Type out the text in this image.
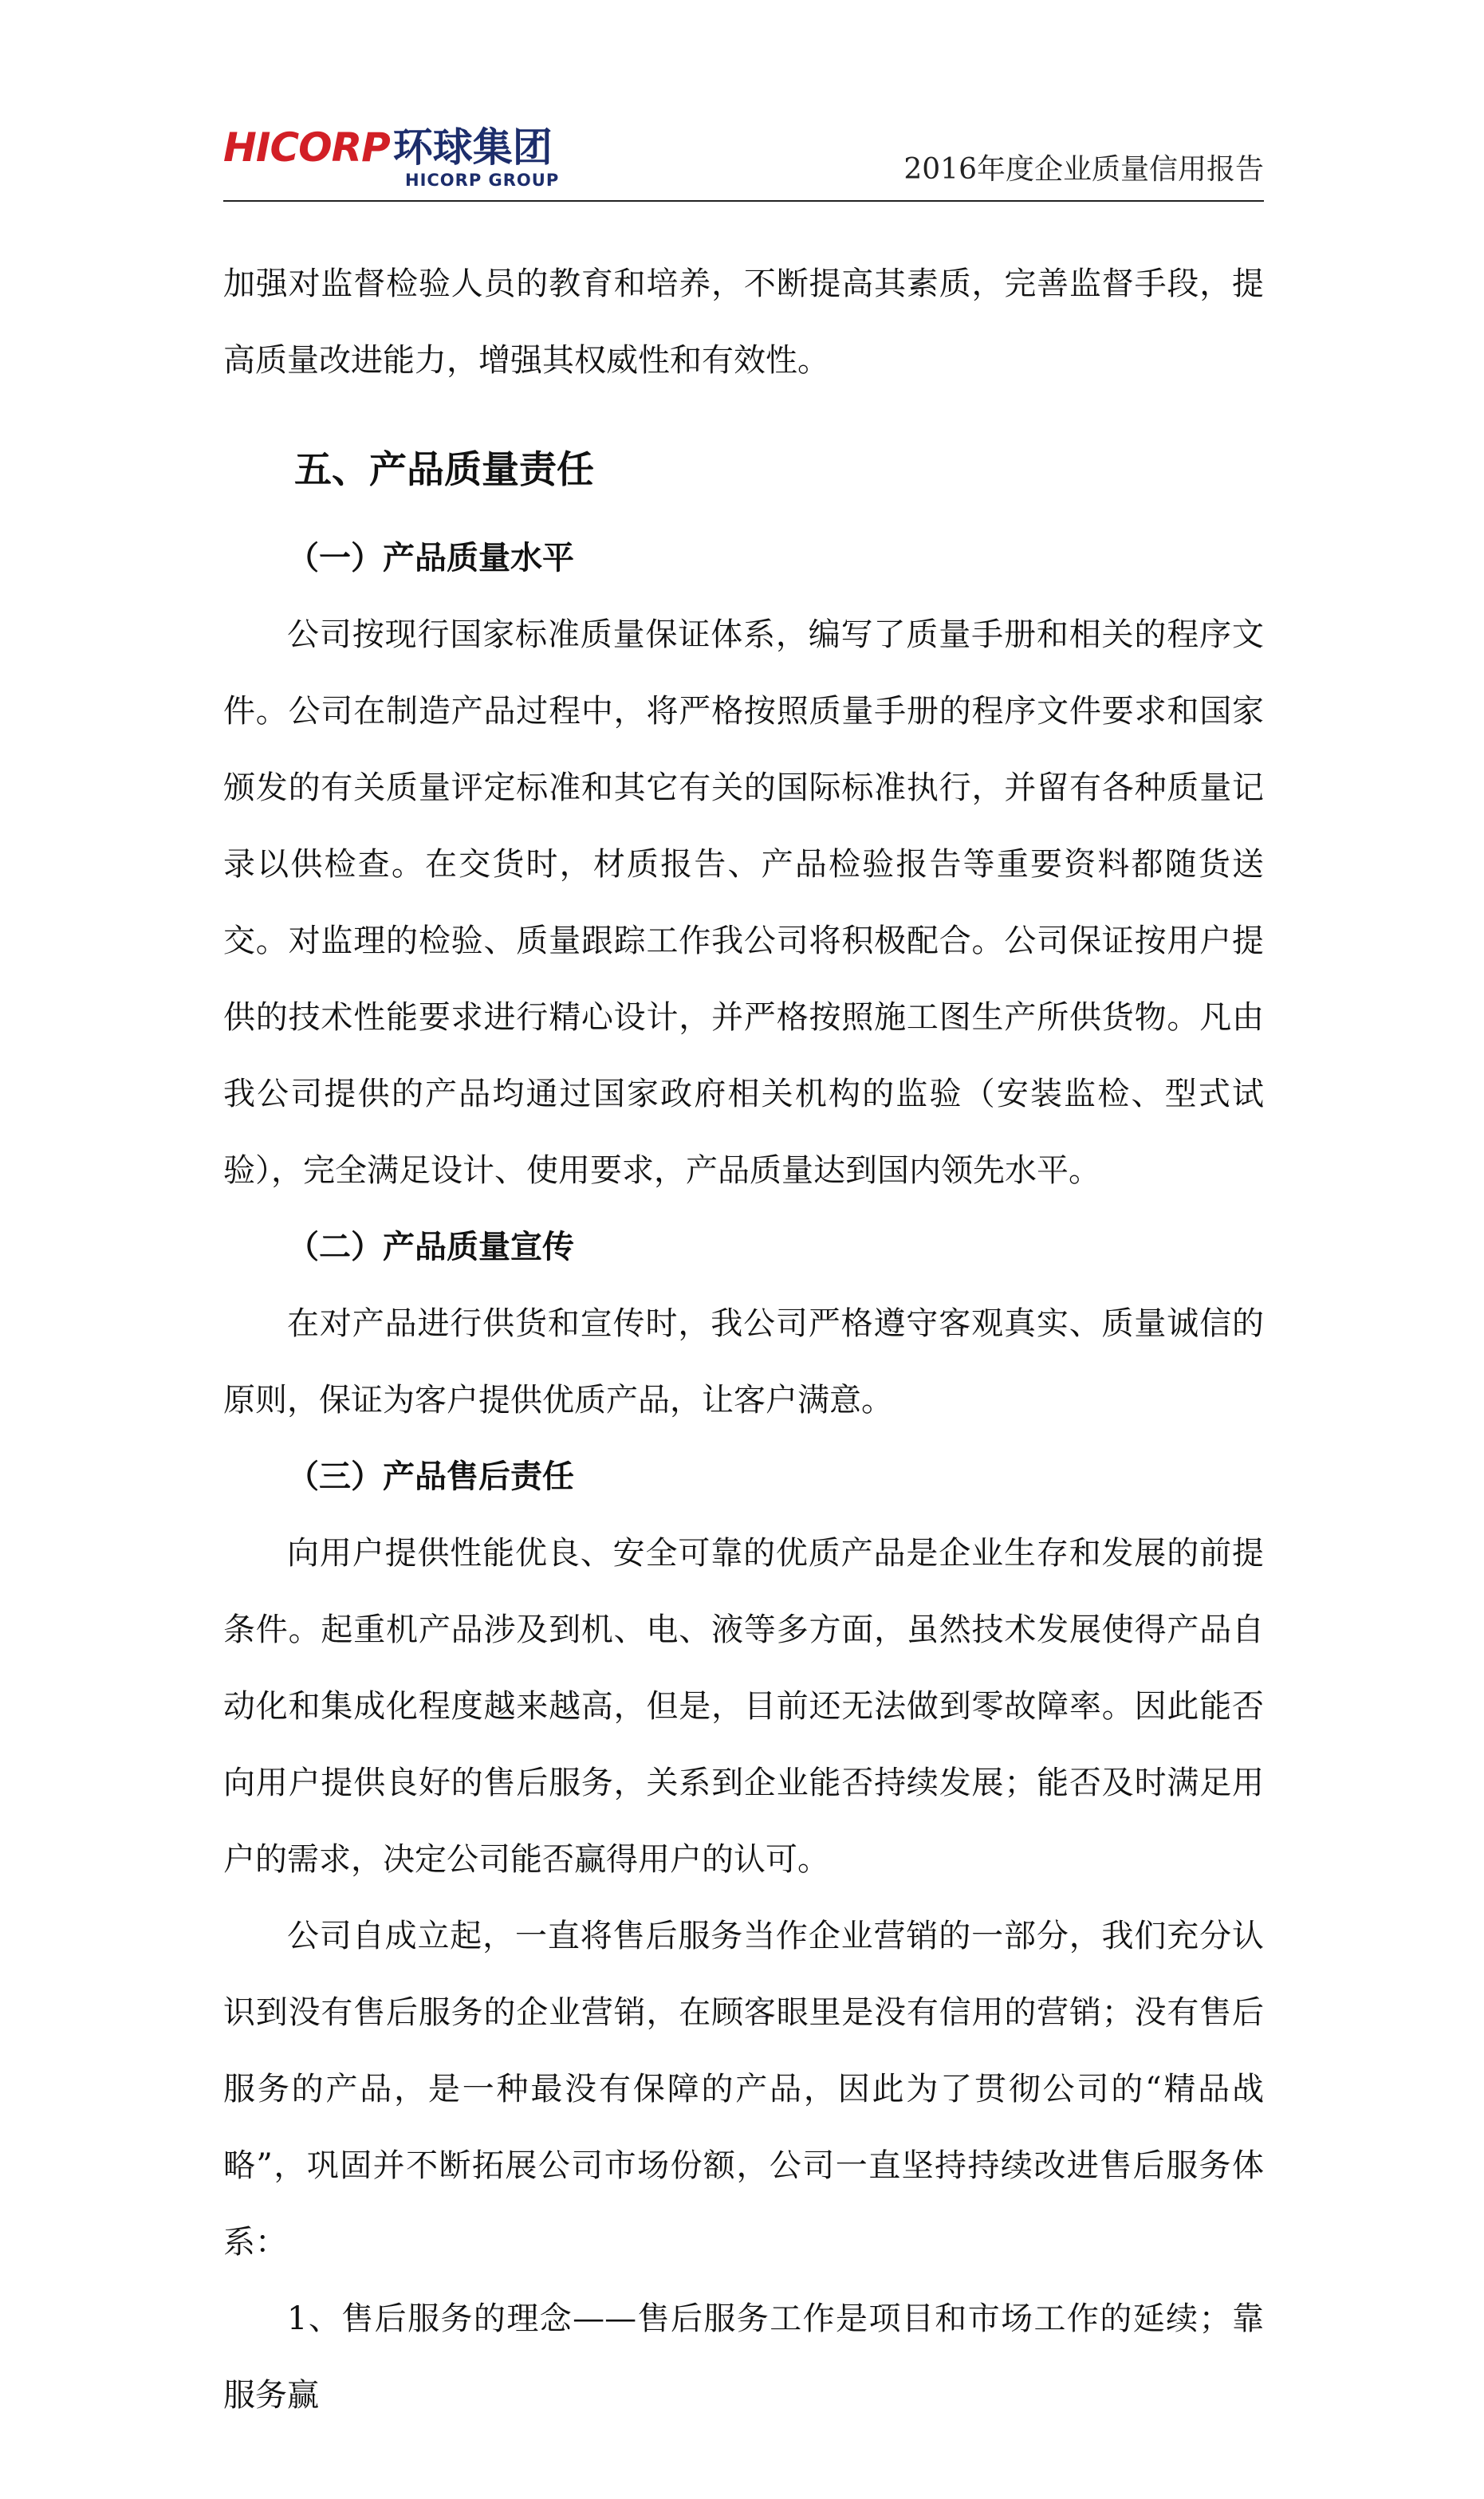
HICORP 环球集团
HICORP GROUP	2016年度企业质量信用报告

加强对监督检验人员的教育和培养，不断提高其素质，完善监督手段，提高质量改进能力，增强其权威性和有效性。

五、产品质量责任
（一）产品质量水平

公司按现行国家标准质量保证体系，编写了质量手册和相关的程序文件。公司在制造产品过程中，将严格按照质量手册的程序文件要求和国家颁发的有关质量评定标准和其它有关的国际标准执行，并留有各种质量记录以供检查。在交货时，材质报告、产品检验报告等重要资料都随货送交。对监理的检验、质量跟踪工作我公司将积极配合。公司保证按用户提供的技术性能要求进行精心设计，并严格按照施工图生产所供货物。凡由我公司提供的产品均通过国家政府相关机构的监验（安装监检、型式试验），完全满足设计、使用要求，产品质量达到国内领先水平。

（二）产品质量宣传

在对产品进行供货和宣传时，我公司严格遵守客观真实、质量诚信的原则，保证为客户提供优质产品，让客户满意。

（三）产品售后责任

向用户提供性能优良、安全可靠的优质产品是企业生存和发展的前提条件。起重机产品涉及到机、电、液等多方面，虽然技术发展使得产品自动化和集成化程度越来越高，但是，目前还无法做到零故障率。因此能否向用户提供良好的售后服务，关系到企业能否持续发展；能否及时满足用户的需求，决定公司能否赢得用户的认可。

公司自成立起，一直将售后服务当作企业营销的一部分，我们充分认识到没有售后服务的企业营销，在顾客眼里是没有信用的营销；没有售后服务的产品，是一种最没有保障的产品，因此为了贯彻公司的“精品战略”，巩固并不断拓展公司市场份额，公司一直坚持持续改进售后服务体系：

1、售后服务的理念——售后服务工作是项目和市场工作的延续；靠服务赢
